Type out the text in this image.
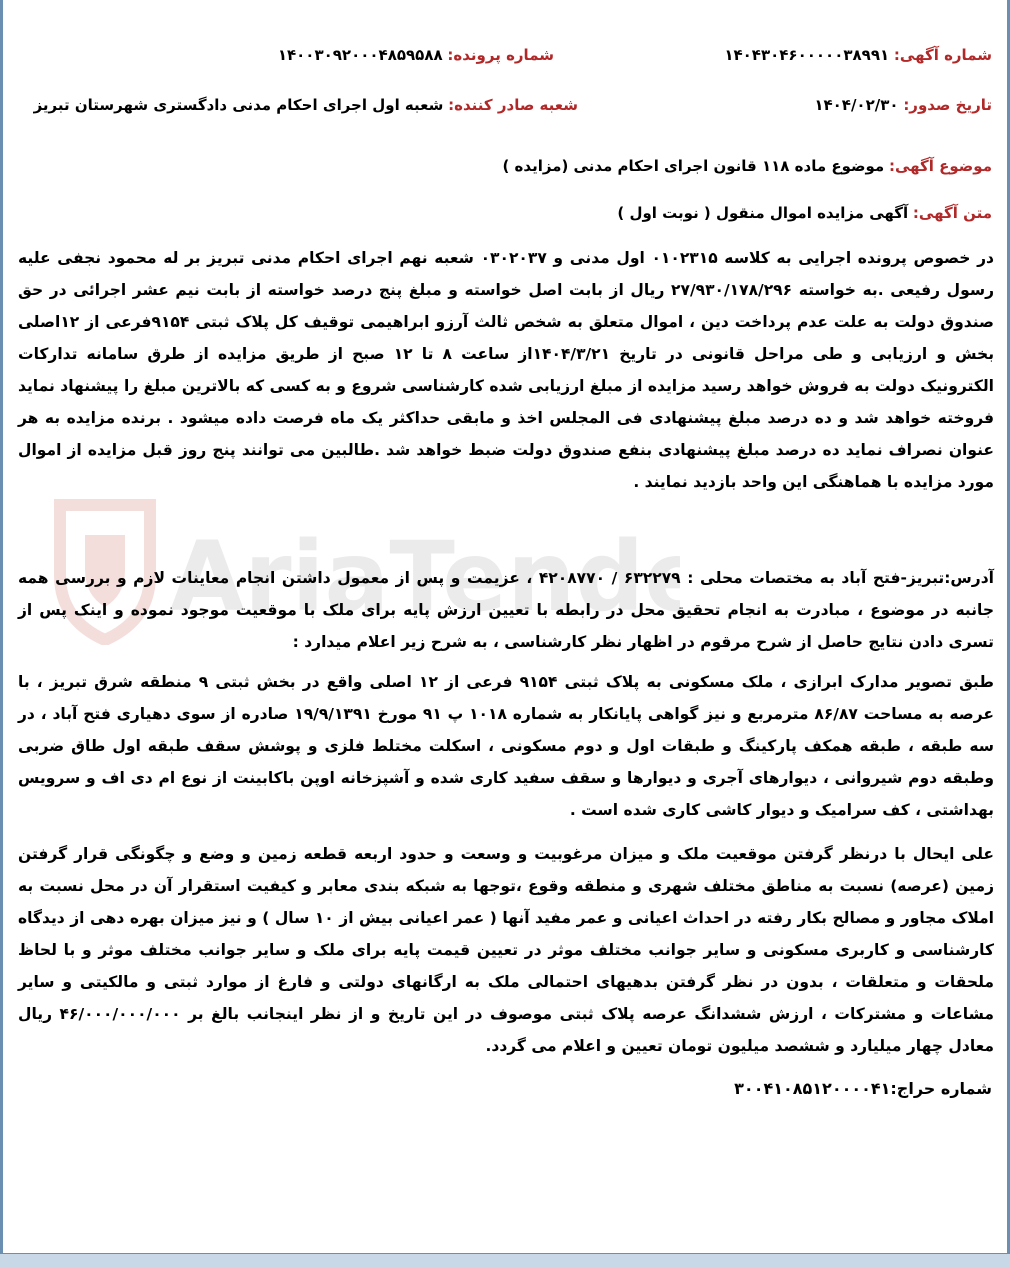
AriaTende
شماره آگهی: ۱۴۰۴۳۰۴۶۰۰۰۰۰۳۸۹۹۱
شماره پرونده: ۱۴۰۰۳۰۹۲۰۰۰۴۸۵۹۵۸۸
تاریخ صدور: ۱۴۰۴/۰۲/۳۰
شعبه صادر کننده: شعبه اول اجرای احکام مدنی دادگستری شهرستان تبریز
موضوع آگهی: موضوع ماده ۱۱۸ قانون اجرای احکام مدنی (مزایده )
متن آگهی: آگهی مزایده اموال منقول ( نوبت اول )

در خصوص پرونده اجرایی به کلاسه ۰۱۰۲۳۱۵ اول مدنی و ۰۳۰۲۰۳۷ شعبه نهم اجرای احکام مدنی تبریز بر له محمود نجفی علیه رسول رفیعی .به خواسته ۲۷/۹۳۰/۱۷۸/۲۹۶ ریال از بابت اصل خواسته و مبلغ پنج درصد خواسته از بابت نیم عشر اجرائی در حق صندوق دولت به علت عدم پرداخت دین ، اموال متعلق به شخص ثالث آرزو ابراهیمی توقیف کل پلاک ثبتی ۹۱۵۴فرعی از ۱۲اصلی بخش و ارزیابی و طی مراحل قانونی در تاریخ ۱۴۰۴/۳/۲۱از ساعت ۸ تا ۱۲ صبح از طریق مزایده از طرق سامانه تدارکات الکترونیک دولت به فروش خواهد رسید مزایده از مبلغ ارزیابی شده کارشناسی شروع و به کسی که بالاترین مبلغ را پیشنهاد نماید فروخته خواهد شد و ده درصد مبلغ پیشنهادی فی المجلس اخذ و مابقی حداکثر یک ماه فرصت داده میشود . برنده مزایده به هر عنوان نصراف نماید ده درصد مبلغ پیشنهادی بنفع صندوق دولت ضبط خواهد شد .طالبین می توانند پنج روز قبل مزایده از اموال مورد مزایده با هماهنگی این واحد بازدید نمایند .

آدرس:تبریز-فتح آباد به مختصات محلی : ۶۳۲۲۷۹ / ۴۲۰۸۷۷۰ ، عزیمت و پس از معمول داشتن انجام معاینات لازم و بررسی همه جانبه در موضوع ، مبادرت به انجام تحقیق محل در رابطه با تعیین ارزش پایه برای ملک با موقعیت موجود نموده و اینک پس از تسری دادن نتایج حاصل از شرح مرقوم در اظهار نظر کارشناسی ، به شرح زیر اعلام میدارد :

طبق تصویر مدارک ابرازی ، ملک مسکونی به پلاک ثبتی ۹۱۵۴ فرعی از ۱۲ اصلی واقع در بخش ثبتی ۹ منطقه شرق تبریز ، با عرصه به مساحت ۸۶/۸۷ مترمربع و نیز گواهی پایانکار به شماره ۱۰۱۸ پ ۹۱ مورخ ۱۹/۹/۱۳۹۱ صادره از سوی دهیاری فتح آباد ، در سه طبقه ، طبقه همکف پارکینگ و طبقات اول و دوم مسکونی ، اسکلت مختلط فلزی و پوشش سقف طبقه اول طاق ضربی وطبقه دوم شیروانی ، دیوارهای آجری و دیوارها و سقف سفید کاری شده و آشپزخانه اوپن باکابینت از نوع ام دی اف و سرویس بهداشتی ، کف سرامیک و دیوار کاشی کاری شده است .

علی ایحال با درنظر گرفتن موقعیت ملک و میزان مرغوبیت و وسعت و حدود اربعه قطعه زمین و وضع و چگونگی قرار گرفتن زمین (عرصه) نسبت به مناطق مختلف شهری و منطقه وقوع ،توجها به شبکه بندی معابر و کیفیت استقرار آن در محل نسبت به املاک مجاور و مصالح بکار رفته در احداث اعیانی و عمر مفید آنها ( عمر اعیانی بیش از ۱۰ سال ) و نیز میزان بهره دهی از دیدگاه کارشناسی و کاربری مسکونی و سایر جوانب مختلف موثر در تعیین قیمت پایه برای ملک و سایر جوانب مختلف موثر و با لحاظ ملحقات و متعلقات ، بدون در نظر گرفتن بدهیهای احتمالی ملک به ارگانهای دولتی و فارغ از موارد ثبتی و مالکیتی و سایر مشاعات و مشترکات ، ارزش ششدانگ عرصه پلاک ثبتی موصوف در این تاریخ و از نظر اینجانب بالغ بر ۴۶/۰۰۰/۰۰۰/۰۰۰ ریال معادل چهار میلیارد و ششصد میلیون تومان تعیین و اعلام می گردد.

شماره حراج:۳۰۰۴۱۰۸۵۱۲۰۰۰۰۴۱
